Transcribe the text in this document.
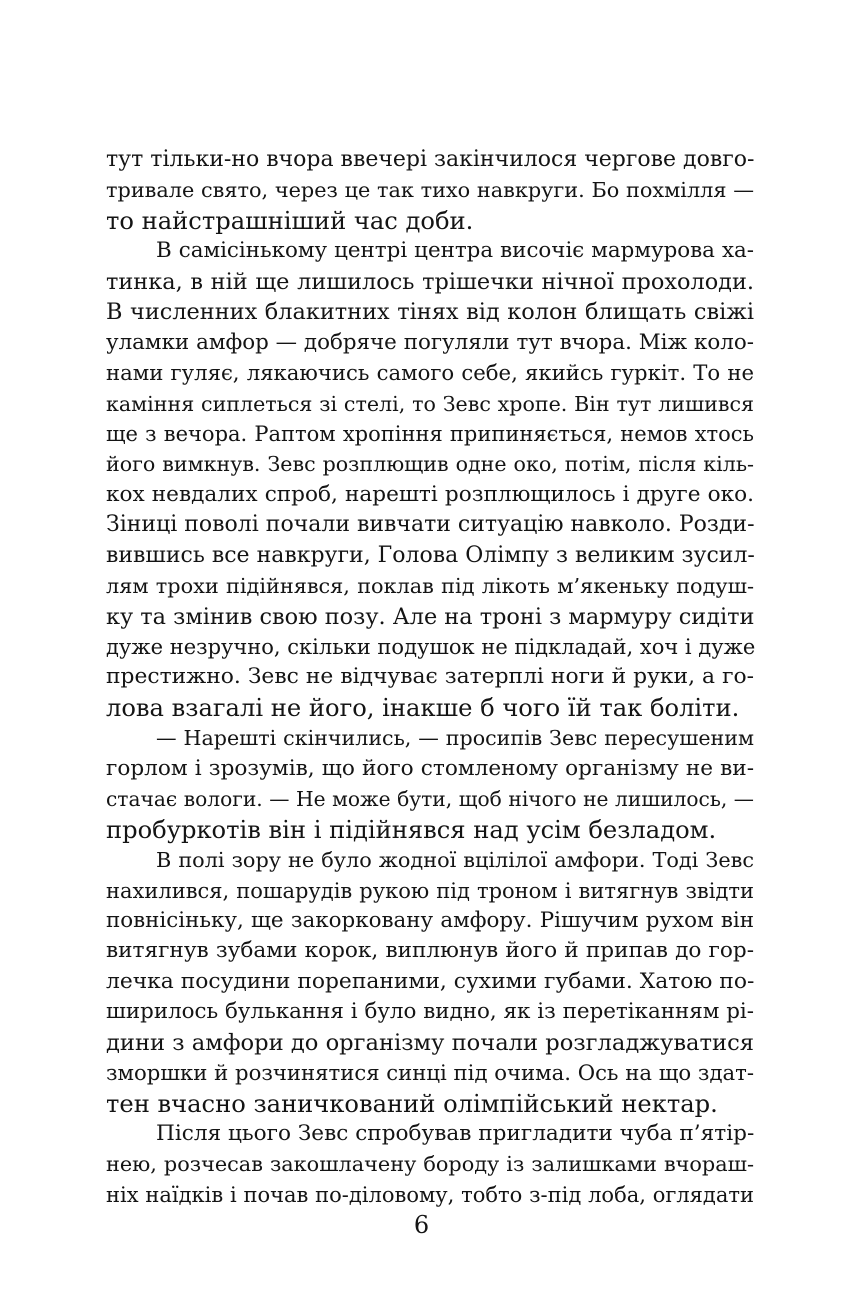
тут тільки-но вчора ввечері закінчилося чергове довго-
тривале свято, через це так тихо навкруги. Бо похмілля —
то найстрашніший час доби.
В самісінькому центрі центра височіє мармурова ха-
тинка, в ній ще лишилось трішечки нічної прохолоди.
В численних блакитних тінях від колон блищать свіжі
уламки амфор — добряче погуляли тут вчора. Між коло-
нами гуляє, лякаючись самого себе, якийсь гуркіт. То не
каміння сиплеться зі стелі, то Зевс хропе. Він тут лишився
ще з вечора. Раптом хропіння припиняється, немов хтось
його вимкнув. Зевс розплющив одне око, потім, після кіль-
кох невдалих спроб, нарешті розплющилось і друге око.
Зіниці поволі почали вивчати ситуацію навколо. Розди-
вившись все навкруги, Голова Олімпу з великим зусил-
лям трохи підійнявся, поклав під лікоть м’якеньку подуш-
ку та змінив свою позу. Але на троні з мармуру сидіти
дуже незручно, скільки подушок не підкладай, хоч і дуже
престижно. Зевс не відчуває затерплі ноги й руки, а го-
лова взагалі не його, інакше б чого їй так боліти.
— Нарешті скінчились, — просипів Зевс пересушеним
горлом і зрозумів, що його стомленому організму не ви-
стачає вологи. — Не може бути, щоб нічого не лишилось, —
пробуркотів він і підійнявся над усім безладом.
В полі зору не було жодної вцілілої амфори. Тоді Зевс
нахилився, пошарудів рукою під троном і витягнув звідти
повнісіньку, ще закорковану амфору. Рішучим рухом він
витягнув зубами корок, виплюнув його й припав до гор-
лечка посудини порепаними, сухими губами. Хатою по-
ширилось булькання і було видно, як із перетіканням рі-
дини з амфори до організму почали розгладжуватися
зморшки й розчинятися синці під очима. Ось на що здат-
тен вчасно заничкований олімпійський нектар.
Після цього Зевс спробував пригладити чуба п’ятір-
нею, розчесав закошлачену бороду із залишками вчораш-
ніх наїдків і почав по-діловому, тобто з-під лоба, оглядати
6
